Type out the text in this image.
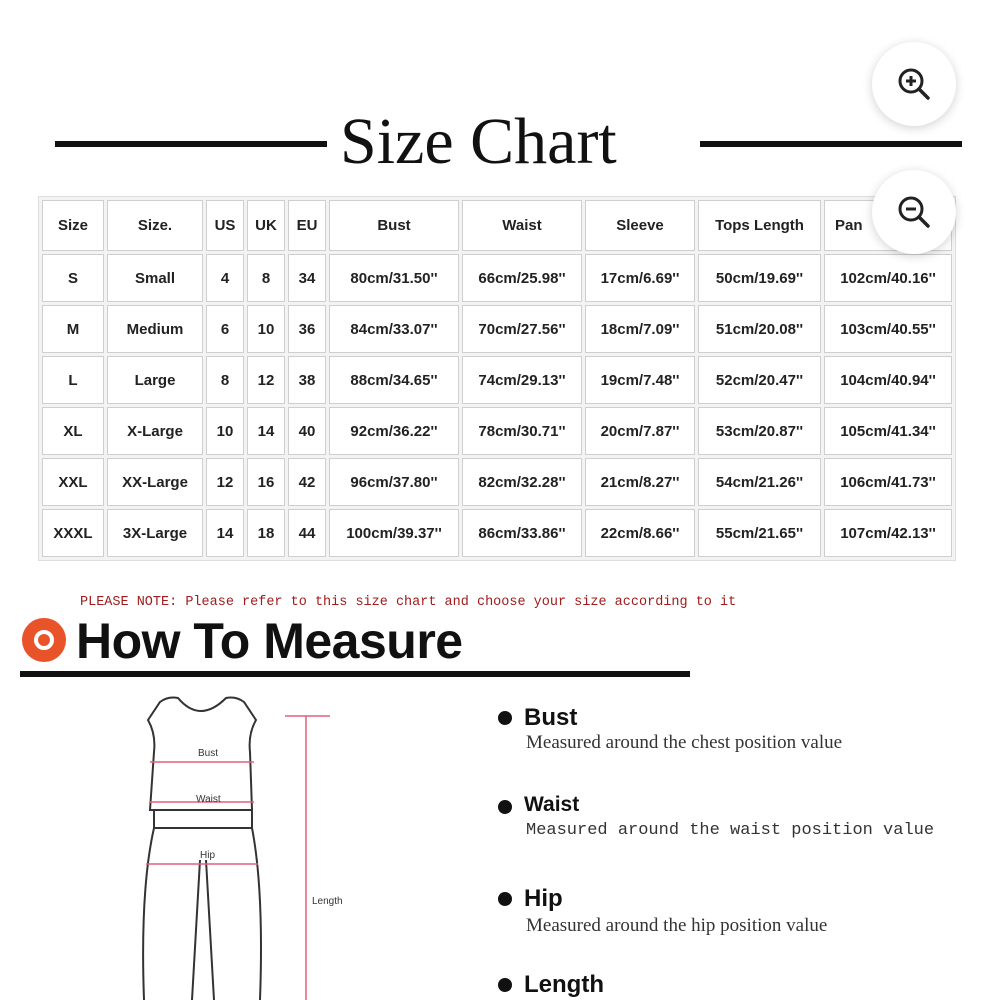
Size Chart
Size	Size.	US	UK	EU	Bust	Waist	Sleeve	Tops Length	Pan
S	Small	4	8	34	80cm/31.50''	66cm/25.98''	17cm/6.69''	50cm/19.69''	102cm/40.16''
M	Medium	6	10	36	84cm/33.07''	70cm/27.56''	18cm/7.09''	51cm/20.08''	103cm/40.55''
L	Large	8	12	38	88cm/34.65''	74cm/29.13''	19cm/7.48''	52cm/20.47''	104cm/40.94''
XL	X-Large	10	14	40	92cm/36.22''	78cm/30.71''	20cm/7.87''	53cm/20.87''	105cm/41.34''
XXL	XX-Large	12	16	42	96cm/37.80''	82cm/32.28''	21cm/8.27''	54cm/21.26''	106cm/41.73''
XXXL	3X-Large	14	18	44	100cm/39.37''	86cm/33.86''	22cm/8.66''	55cm/21.65''	107cm/42.13''
PLEASE NOTE: Please refer to this size chart and choose your size according to it
How To Measure
Bust
Waist
Hip
Length
Bust
Measured around the chest position value
Waist
Measured around the waist position value
Hip
Measured around the hip position value
Length
